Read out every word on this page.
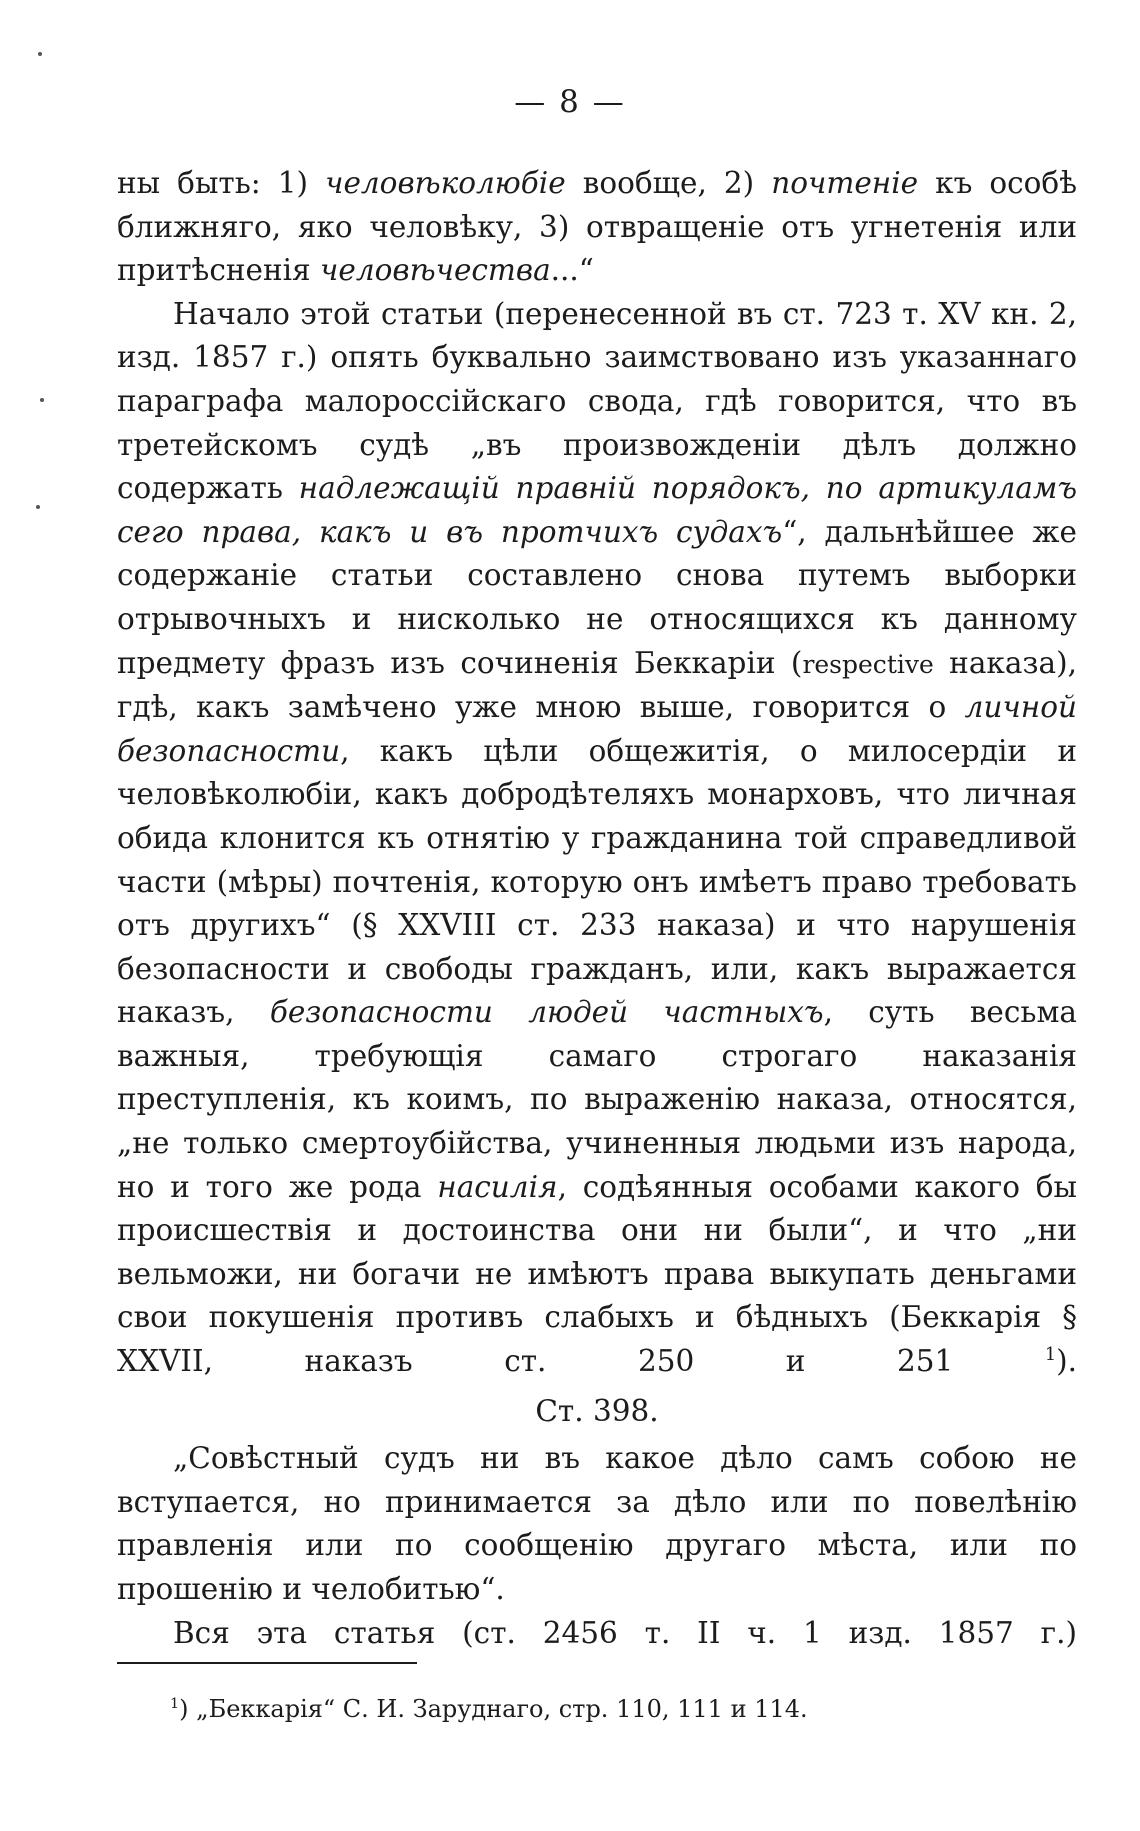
— 8 —

ны быть: 1) человѣколюбіе вообще, 2) почтеніе къ особѣ ближняго, яко человѣку, 3) отвращеніе отъ угнетенія или притѣсненія человѣчества...“

Начало этой статьи (перенесенной въ ст. 723 т. XV кн. 2, изд. 1857 г.) опять буквально заимствовано изъ указаннаго параграфа малороссійскаго свода, гдѣ говорится, что въ третейскомъ судѣ „въ произвожденіи дѣлъ должно содержать надлежащій правній порядокъ, по артикуламъ сего права, какъ и въ протчихъ судахъ“, дальнѣйшее же содержаніе статьи составлено снова путемъ выборки отрывочныхъ и нисколько не относящихся къ данному предмету фразъ изъ сочиненія Беккаріи (respective наказа), гдѣ, какъ замѣчено уже мною выше, говорится о личной безопасности, какъ цѣли общежитія, о милосердіи и человѣколюбіи, какъ добродѣтеляхъ монарховъ, что личная обида клонится къ отнятію у гражданина той справедливой части (мѣры) почтенія, которую онъ имѣетъ право требовать отъ другихъ“ (§ XXVIII ст. 233 наказа) и что нарушенія безопасности и свободы гражданъ, или, какъ выражается наказъ, безопасности людей частныхъ, суть весьма важныя, требующія самаго строгаго наказанія преступленія, къ коимъ, по выраженію наказа, относятся, „не только смертоубійства, учиненныя людьми изъ народа, но и того же рода насилія, содѣянныя особами какого бы происшествія и достоинства они ни были“, и что „ни вельможи, ни богачи не имѣютъ права выкупать деньгами свои покушенія противъ слабыхъ и бѣдныхъ (Беккарія § XXVII, наказъ ст. 250 и 251 $^1$).

Ст. 398.

„Совѣстный судъ ни въ какое дѣло самъ собою не вступается, но принимается за дѣло или по повелѣнію правленія или по сообщенію другаго мѣста, или по прошенію и челобитью“.

Вся эта статья (ст. 2456 т. II ч. 1 изд. 1857 г.)

$^1$) „Беккарія“ С. И. Заруднаго, стр. 110, 111 и 114.
